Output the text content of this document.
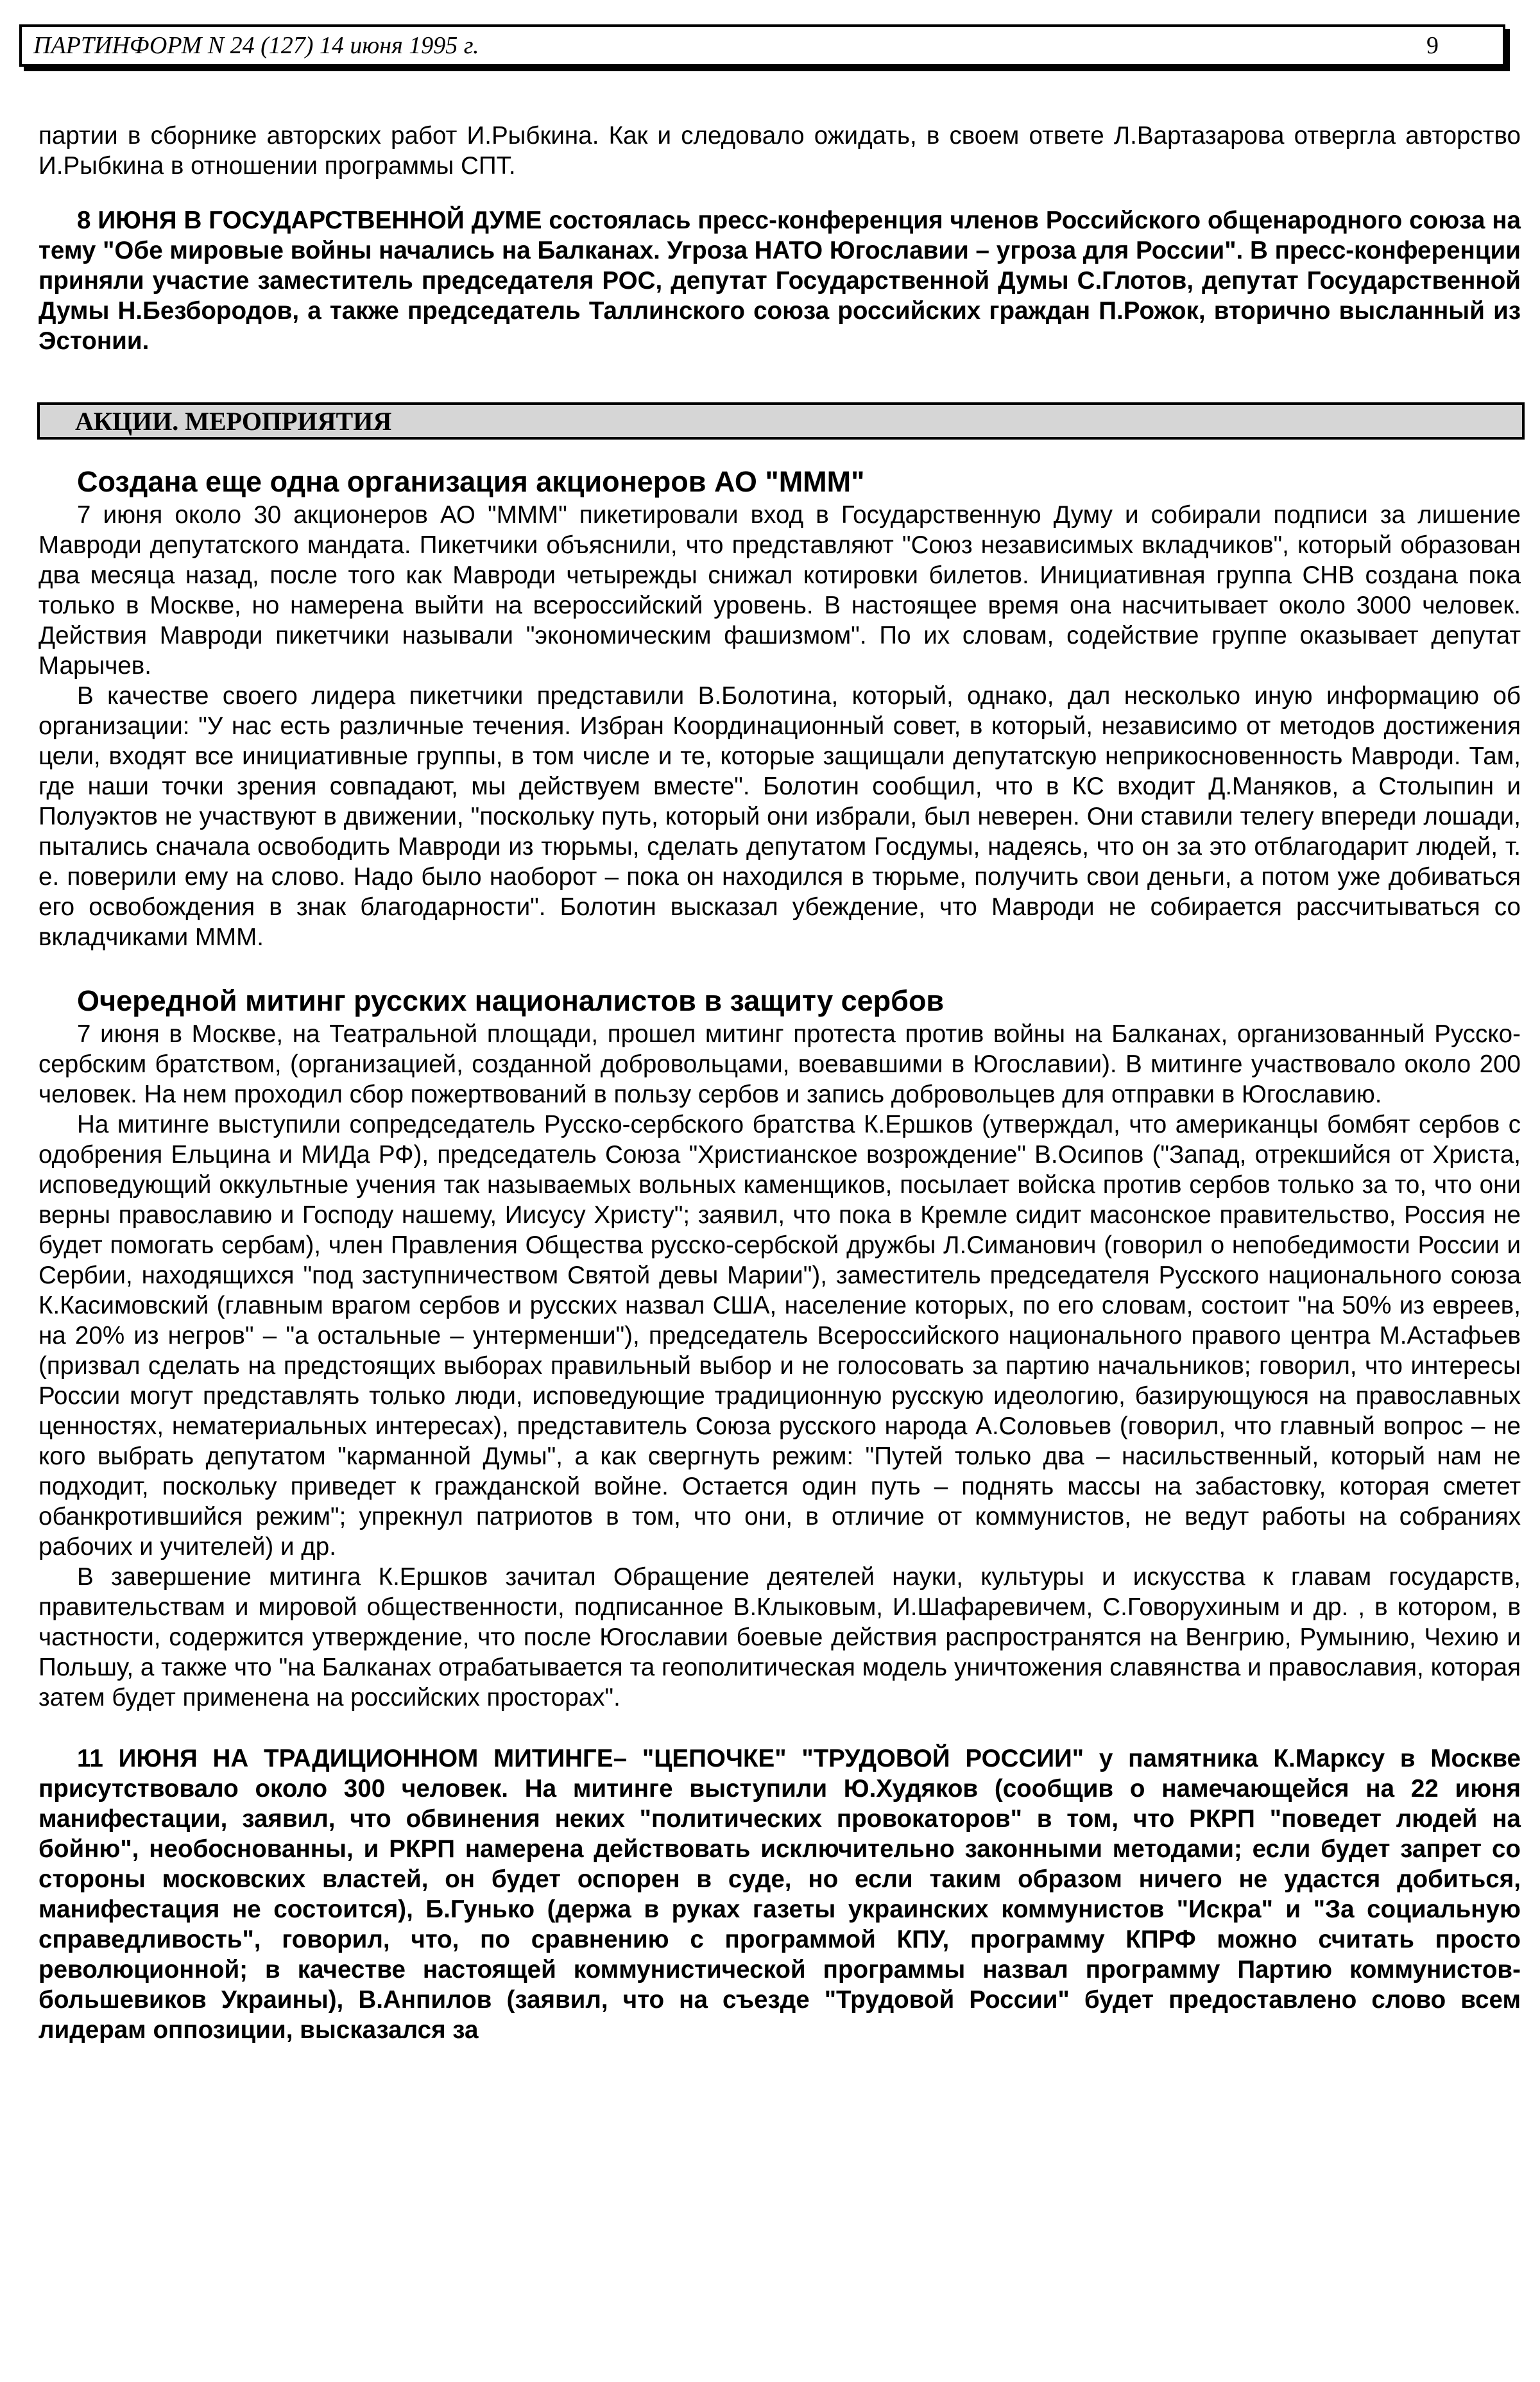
ПАРТИНФОРМ N 24 (127) 14 июня 1995 г.	9

партии в сборнике авторских работ И.Рыбкина. Как и следовало ожидать, в своем ответе Л.Вартазарова отвергла авторство И.Рыбкина в отношении программы СПТ.

8 ИЮНЯ В ГОСУДАРСТВЕННОЙ ДУМЕ состоялась пресс-конференция членов Российского общенародного союза на тему "Обе мировые войны начались на Балканах. Угроза НАТО Югославии – угроза для России". В пресс-конференции приняли участие заместитель председателя РОС, депутат Государственной Думы С.Глотов, депутат Государственной Думы Н.Безбородов, а также председатель Таллинского союза российских граждан П.Рожок, вторично высланный из Эстонии.

АКЦИИ. МЕРОПРИЯТИЯ
Создана еще одна организация акционеров АО "МММ"

7 июня около 30 акционеров АО "МММ" пикетировали вход в Государственную Думу и собирали подписи за лишение Мавроди депутатского мандата. Пикетчики объяснили, что представляют "Союз независимых вкладчиков", который образован два месяца назад, после того как Мавроди четырежды снижал котировки билетов. Инициативная группа СНВ создана пока только в Москве, но намерена выйти на всероссийский уровень. В настоящее время она насчитывает около 3000 человек. Действия Мавроди пикетчики называли "экономическим фашизмом". По их словам, содействие группе оказывает депутат Марычев.

В качестве своего лидера пикетчики представили В.Болотина, который, однако, дал несколько иную информацию об организации: "У нас есть различные течения. Избран Координационный совет, в который, независимо от методов достижения цели, входят все инициативные группы, в том числе и те, которые защищали депутатскую неприкосновенность Мавроди. Там, где наши точки зрения совпадают, мы действуем вместе". Болотин сообщил, что в КС входит Д.Маняков, а Столыпин и Полуэктов не участвуют в движении, "поскольку путь, который они избрали, был неверен. Они ставили телегу впереди лошади, пытались сначала освободить Мавроди из тюрьмы, сделать депутатом Госдумы, надеясь, что он за это отблагодарит людей, т. е. поверили ему на слово. Надо было наоборот – пока он находился в тюрьме, получить свои деньги, а потом уже добиваться его освобождения в знак благодарности". Болотин высказал убеждение, что Мавроди не собирается рассчитываться со вкладчиками МММ.

Очередной митинг русских националистов в защиту сербов

7 июня в Москве, на Театральной площади, прошел митинг протеста против войны на Балканах, организованный Русско-сербским братством, (организацией, созданной добровольцами, воевавшими в Югославии). В митинге участвовало около 200 человек. На нем проходил сбор пожертвований в пользу сербов и запись добровольцев для отправки в Югославию.

На митинге выступили сопредседатель Русско-сербского братства К.Ершков (утверждал, что американцы бомбят сербов с одобрения Ельцина и МИДа РФ), председатель Союза "Христианское возрождение" В.Осипов ("Запад, отрекшийся от Христа, исповедующий оккультные учения так называемых вольных каменщиков, посылает войска против сербов только за то, что они верны православию и Господу нашему, Иисусу Христу"; заявил, что пока в Кремле сидит масонское правительство, Россия не будет помогать сербам), член Правления Общества русско-сербской дружбы Л.Симанович (говорил о непобедимости России и Сербии, находящихся "под заступничеством Святой девы Марии"), заместитель председателя Русского национального союза К.Касимовский (главным врагом сербов и русских назвал США, население которых, по его словам, состоит "на 50% из евреев, на 20% из негров" – "а остальные – унтерменши"), председатель Всероссийского национального правого центра М.Астафьев (призвал сделать на предстоящих выборах правильный выбор и не голосовать за партию начальников; говорил, что интересы России могут представлять только люди, исповедующие традиционную русскую идеологию, базирующуюся на православных ценностях, нематериальных интересах), представитель Союза русского народа А.Соловьев (говорил, что главный вопрос – не кого выбрать депутатом "карманной Думы", а как свергнуть режим: "Путей только два – насильственный, который нам не подходит, поскольку приведет к гражданской войне. Остается один путь – поднять массы на забастовку, которая сметет обанкротившийся режим"; упрекнул патриотов в том, что они, в отличие от коммунистов, не ведут работы на собраниях рабочих и учителей) и др.

В завершение митинга К.Ершков зачитал Обращение деятелей науки, культуры и искусства к главам государств, правительствам и мировой общественности, подписанное В.Клыковым, И.Шафаревичем, С.Говорухиным и др. , в котором, в частности, содержится утверждение, что после Югославии боевые действия распространятся на Венгрию, Румынию, Чехию и Польшу, а также что "на Балканах отрабатывается та геополитическая модель уничтожения славянства и православия, которая затем будет применена на российских просторах".

11 ИЮНЯ НА ТРАДИЦИОННОМ МИТИНГЕ– "ЦЕПОЧКЕ" "ТРУДОВОЙ РОССИИ" у памятника К.Марксу в Москве присутствовало около 300 человек. На митинге выступили Ю.Худяков (сообщив о намечающейся на 22 июня манифестации, заявил, что обвинения неких "политических провокаторов" в том, что РКРП "поведет людей на бойню", необоснованны, и РКРП намерена действовать исключительно законными методами; если будет запрет со стороны московских властей, он будет оспорен в суде, но если таким образом ничего не удастся добиться, манифестация не состоится), Б.Гунько (держа в руках газеты украинских коммунистов "Искра" и "За социальную справедливость", говорил, что, по сравнению с программой КПУ, программу КПРФ можно считать просто революционной; в качестве настоящей коммунистической программы назвал программу Партию коммунистов-большевиков Украины), В.Анпилов (заявил, что на съезде "Трудовой России" будет предоставлено слово всем лидерам оппозиции, высказался за
